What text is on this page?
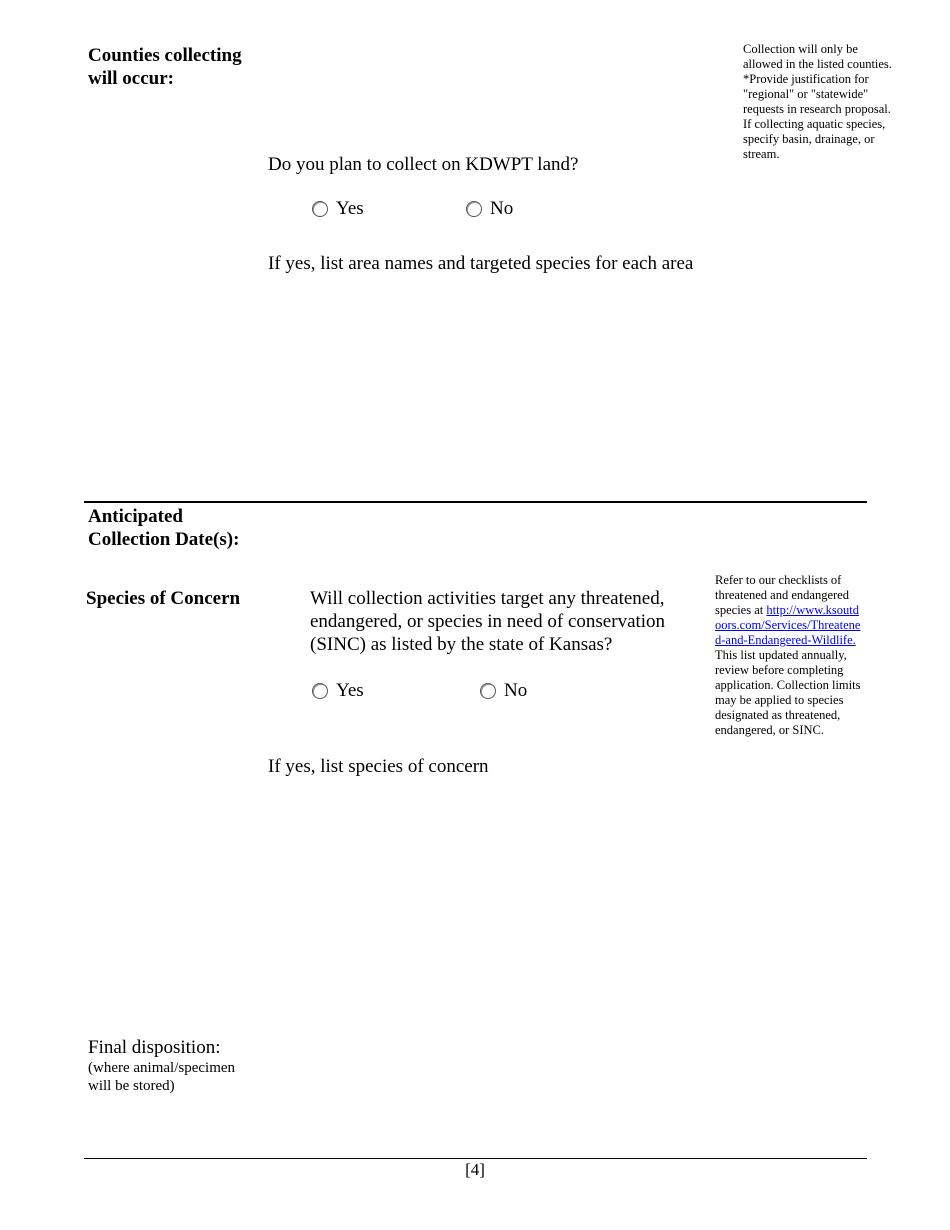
Counties collecting
will occur:
Collection will only be allowed in the listed counties. *Provide justification for "regional" or "statewide" requests in research proposal. If collecting aquatic species, specify basin, drainage, or stream.
Do you plan to collect on KDWPT land?
Yes	No
If yes, list area names and targeted species for each area
Anticipated
Collection Date(s):
Species of Concern	Will collection activities target any threatened, endangered, or species in need of conservation (SINC) as listed by the state of Kansas?
Yes	No
Refer to our checklists of threatened and endangered species at http://www.ksoutdoors.com/Services/Threatened-and-Endangered-Wildlife.  This list updated annually, review before completing application. Collection limits may be applied to species designated as threatened, endangered, or SINC.
If yes, list species of concern
Final disposition:
(where animal/specimen will be stored)
[4]
